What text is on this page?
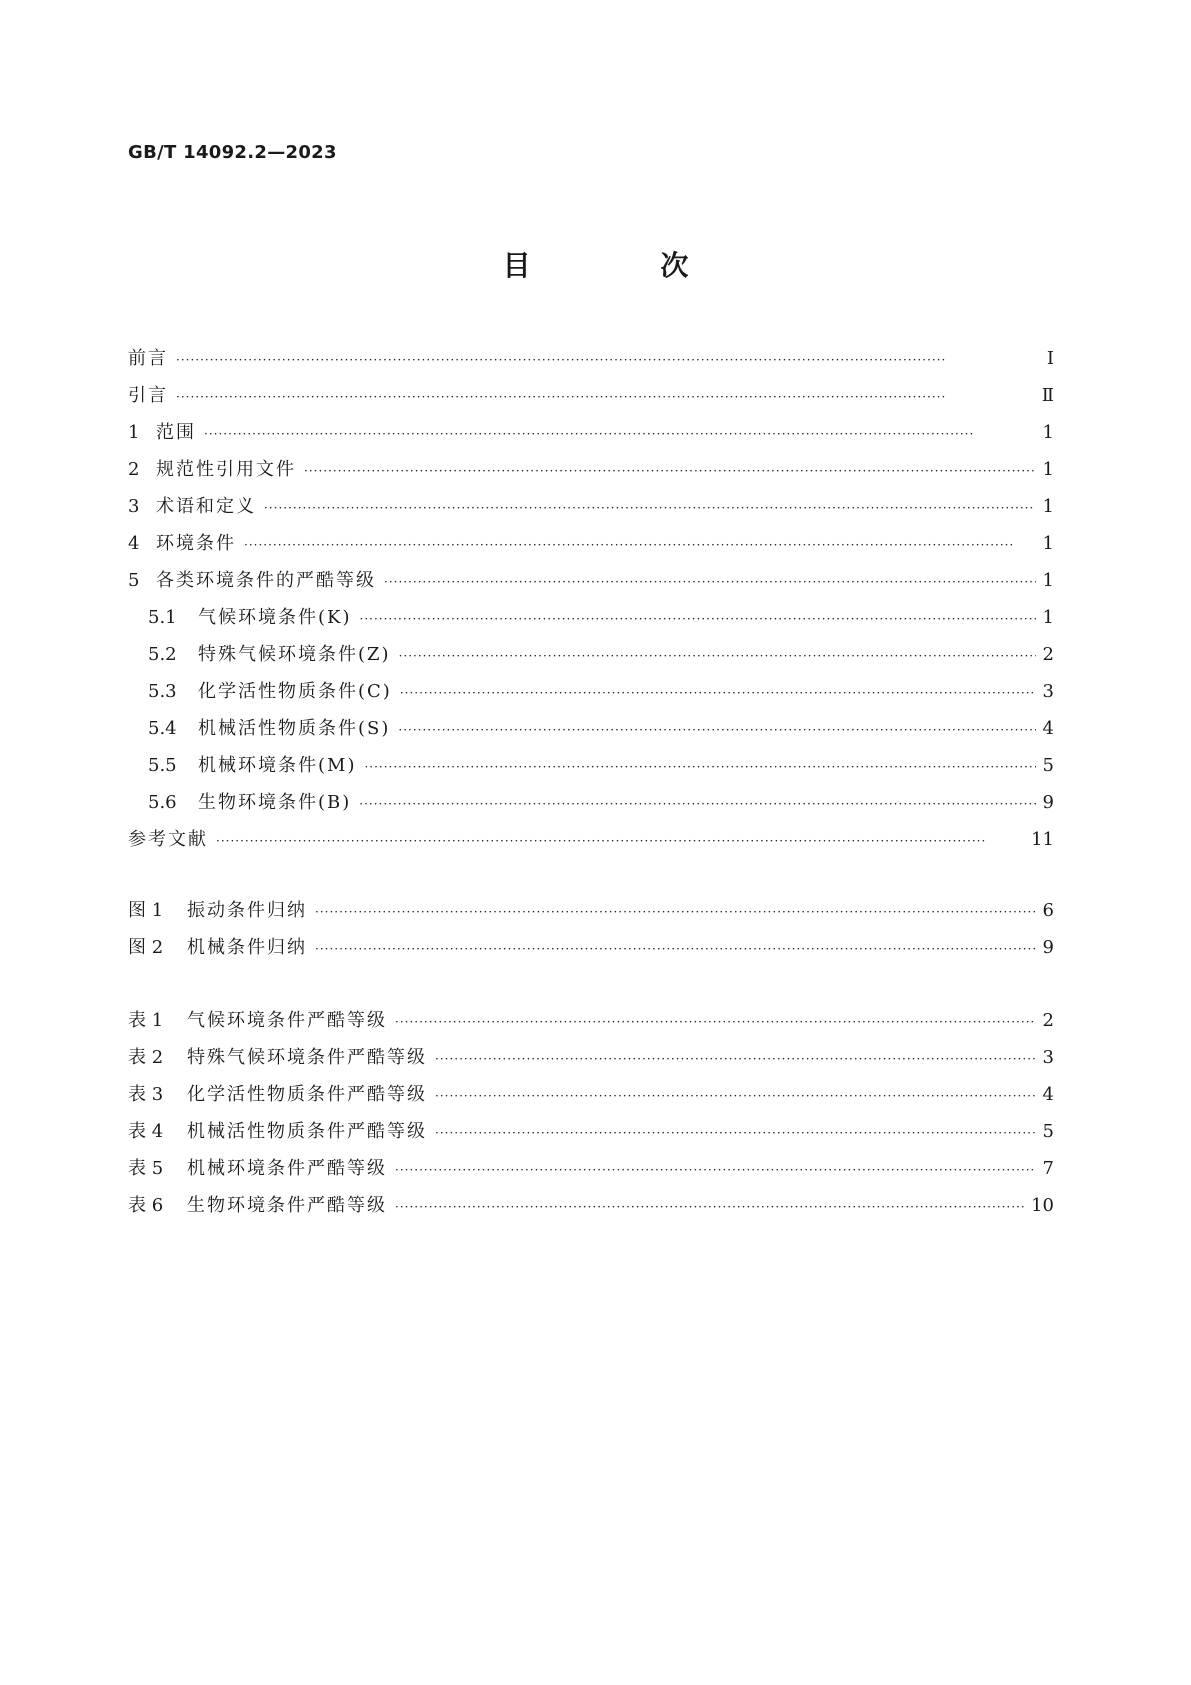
GB/T 14092.2—2023
目 次
前言 ·····	Ⅰ
引言 ·····	Ⅱ
1 范围 ·····	1
2 规范性引用文件 ·····	1
3 术语和定义 ·····	1
4 环境条件 ·····	1
5 各类环境条件的严酷等级 ·····	1
5.1	气候环境条件(K) ·····	1
5.2	特殊气候环境条件(Z) ·····	2
5.3	化学活性物质条件(C) ·····	3
5.4	机械活性物质条件(S) ·····	4
5.5	机械环境条件(M) ·····	5
5.6	生物环境条件(B) ·····	9
参考文献 ·····	11
图 1	振动条件归纳 ·····	6
图 2	机械条件归纳 ·····	9
表 1	气候环境条件严酷等级 ·····	2
表 2	特殊气候环境条件严酷等级 ·····	3
表 3	化学活性物质条件严酷等级 ·····	4
表 4	机械活性物质条件严酷等级 ·····	5
表 5	机械环境条件严酷等级 ·····	7
表 6	生物环境条件严酷等级 ·····	10
